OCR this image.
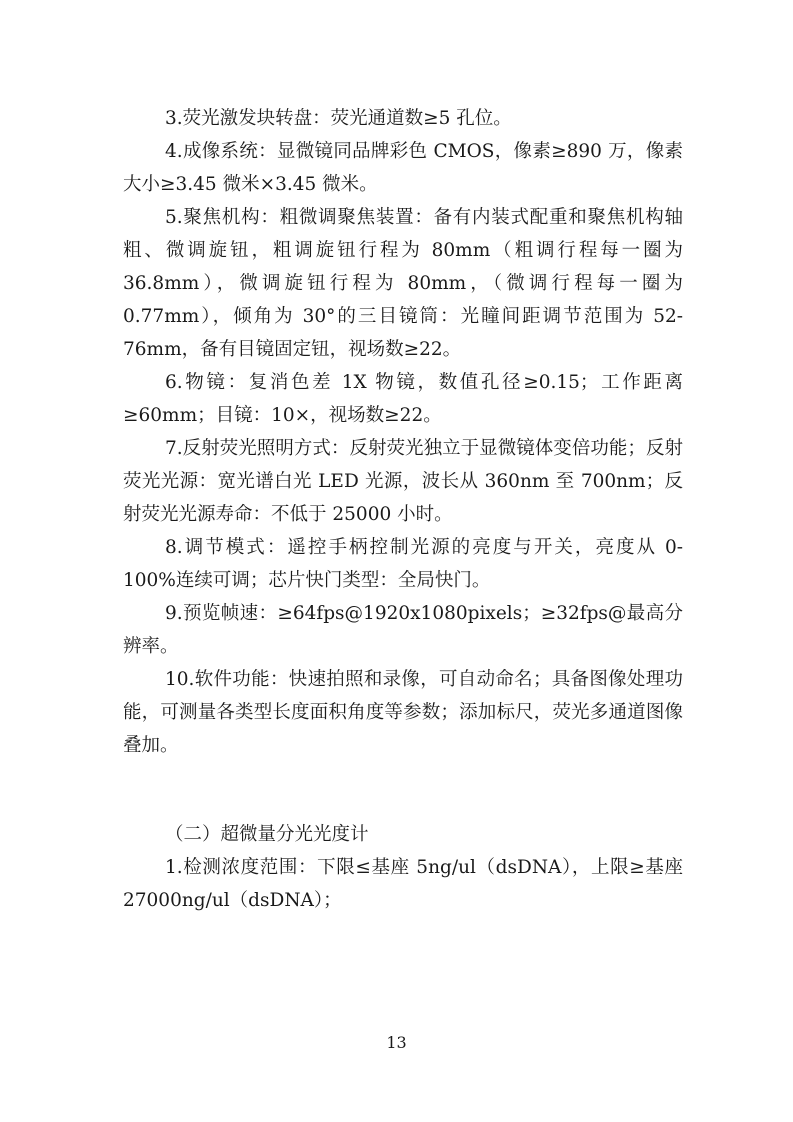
3.荧光激发块转盘：荧光通道数≥5 孔位。

4.成像系统：显微镜同品牌彩色 CMOS，像素≥890 万，像素大小≥3.45 微米×3.45 微米。

5.聚焦机构：粗微调聚焦装置：备有内装式配重和聚焦机构轴粗、微调旋钮，粗调旋钮行程为 80mm（粗调行程每一圈为 36.8mm），微调旋钮行程为 80mm，（微调行程每一圈为 0.77mm），倾角为 30°的三目镜筒：光瞳间距调节范围为 52-76mm，备有目镜固定钮，视场数≥22。

6.物镜：复消色差 1X 物镜，数值孔径≥0.15；工作距离≥60mm；目镜：10×，视场数≥22。

7.反射荧光照明方式：反射荧光独立于显微镜体变倍功能；反射荧光光源：宽光谱白光 LED 光源，波长从 360nm 至 700nm；反射荧光光源寿命：不低于 25000 小时。

8.调节模式：遥控手柄控制光源的亮度与开关，亮度从 0-100%连续可调；芯片快门类型：全局快门。

9.预览帧速：≥64fps@1920x1080pixels；≥32fps@最高分辨率。

10.软件功能：快速拍照和录像，可自动命名；具备图像处理功能，可测量各类型长度面积角度等参数；添加标尺，荧光多通道图像叠加。

（二）超微量分光光度计

1.检测浓度范围：下限≤基座 5ng/ul（dsDNA），上限≥基座 27000ng/ul（dsDNA）；

13
